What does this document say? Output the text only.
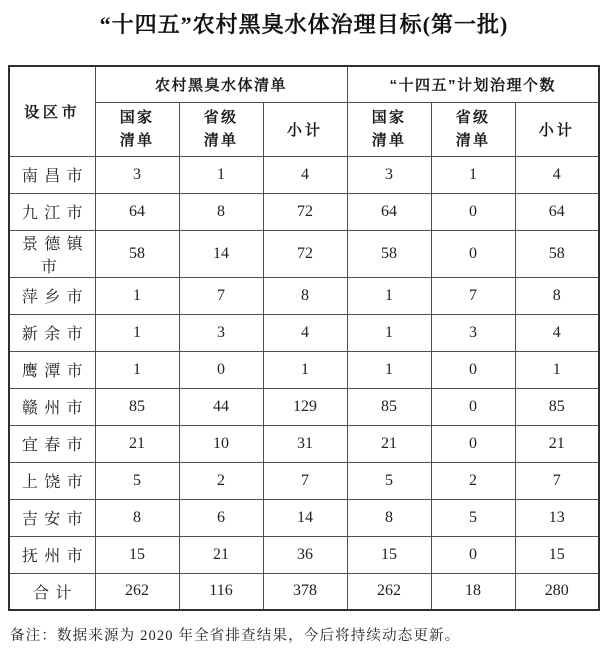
“十四五”农村黑臭水体治理目标(第一批)
设区市	农村黑臭水体清单			“十四五”计划治理个数		
	国家清单	省级清单	小计	国家清单	省级清单	小计
南昌市	3	1	4	3	1	4
九江市	64	8	72	64	0	64
景德镇市	58	14	72	58	0	58
萍乡市	1	7	8	1	7	8
新余市	1	3	4	1	3	4
鹰潭市	1	0	1	1	0	1
赣州市	85	44	129	85	0	85
宜春市	21	10	31	21	0	21
上饶市	5	2	7	5	2	7
吉安市	8	6	14	8	5	13
抚州市	15	21	36	15	0	15
合计	262	116	378	262	18	280

备注：数据来源为 2020 年全省排查结果，今后将持续动态更新。
